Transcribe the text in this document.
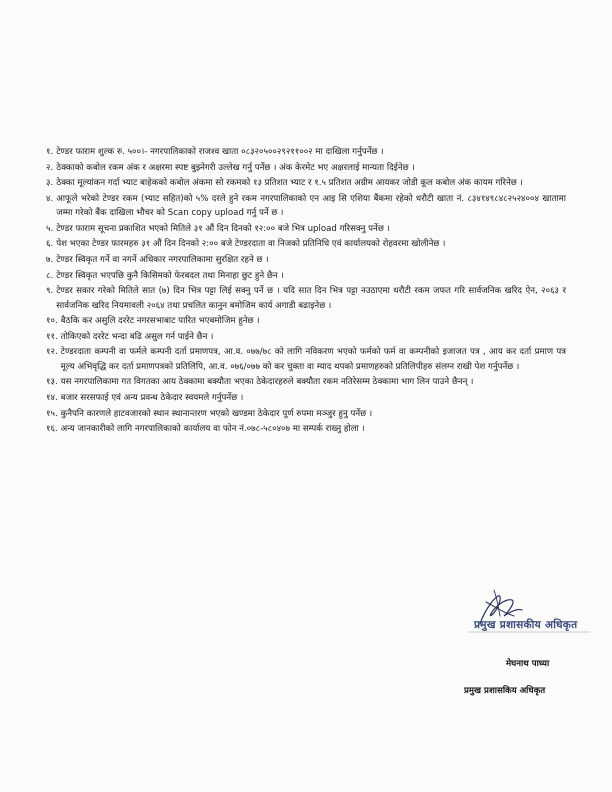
१. टेण्डर फाराम शुल्क रु. ५००।- नगरपालिकाको राजश्व खाता ०८३२०५००२९२११००२ मा दाखिला गर्नुपर्नेछ ।
२. ठेक्काको कबोल रकम अंक र अक्षरमा स्पष्ट बुझ्नेगरी उल्लेख गर्नु पर्नेछ । अंक केरमेट भए अक्षरलाई मान्यता दिईनेछ ।
३. ठेक्का मूल्यांकन गर्दा भ्याट बाहेकको कबोल अंकमा सो रकमको १३ प्रतिशत भ्याट र १.५ प्रतिशत अग्रीम आयकर जोडी कूल कबोल अंक कायम गरिनेछ ।
४. आफूले भरेको टेण्डर रकम (भ्याट सहित)को ५% दरले हुने रकम नगरपालिकाको एन आइ सि एशिया बैंकमा रहेको धरौटी खाता नं. ८३४१४९८४८२५२४००४ खातामा जम्मा गरेको बैंक दाखिला भौचर को Scan copy upload गर्नु पर्ने छ ।
५. टेण्डर फाराम सूचना प्रकाशित भएको मितिले ३१ औं दिन दिनको १२:०० बजे भित्र upload गरिसक्नु पर्नेछ ।
६. पेश भएका टेण्डर फारमहरु ३१ औं दिन दिनको २:०० बजे टेण्डरदाता वा निजको प्रतिनिधि एवं कार्यालयको रोहवरमा खोलीनेछ ।
७. टेण्डर स्विकृत गर्ने वा नगर्ने अधिकार नगरपालिकामा सुरक्षित रहने छ ।
८. टेण्डर स्विकृत भएपछि कुनै किसिमको फेरबदल तथा मिनाहा छुट हुने छैन ।
९. टेण्डर सकार गरेको मितिले सात (७) दिन भित्र पट्टा लिई सक्नु पर्ने छ । यदि सात दिन भित्र पट्टा नउठाएमा धरौटी रकम जफत गरि सार्वजनिक खरिद ऐन, २०६३ र सार्वजनिक खरिद नियमावली २०६४ तथा प्रचलित कानुन बमोजिम कार्य अगाडी बढाइनेछ ।
१०. बैठकि कर असुलि दररेट नगरसभाबाट पारित भएबमोजिम हुनेछ ।
११. तोकिएको दररेट भन्दा बढि असुल गर्न पाईने छैन ।
१२. टेण्डरदाता कम्पनी वा फर्मले कम्पनी दर्ता प्रमाणपत्र, आ.व. ०७७/७८ को लागि नविकरण भएको फर्मको फर्म वा कम्पनीको इजाजत पत्र , आय कर दर्ता प्रमाण पत्र मूल्य अभिवृद्धि कर दर्ता प्रमाणपत्रको प्रतिलिपि, आ.व. ०७६/०७७ को कर चुक्ता वा म्याद थपको प्रमाणहरुको प्रतिलिपीहरु संलग्न राखी पेश गर्नुपर्नेछ ।
१३. यस नगरपालिकामा गत विगतका आय ठेक्कामा बक्यौता भएका ठेकेदारहरुले बक्यौता रकम नतिरेसम्म ठेक्कामा भाग लिन पाउने छैनन् ।
१४. बजार सरसफाई एवं अन्य प्रवन्ध ठेकेदार स्वयमले गर्नुपर्नेछ ।
१५. कुनैपनि कारणले हाटवजारको स्थान स्थानान्तरण भएको खण्डमा ठेकेदार पूर्ण रुपमा मञ्जुर हुनु पर्नेछ ।
१६. अन्य जानकारीको लागि नगरपालिकाको कार्यालय वा फोन नं.०७८-५८०४०७ मा सम्पर्क राख्नु होला ।
प्रमुख प्रशासकीय अधिकृत
मेघनाथ पाध्या
प्रमुख प्रशासकिय अधिकृत
